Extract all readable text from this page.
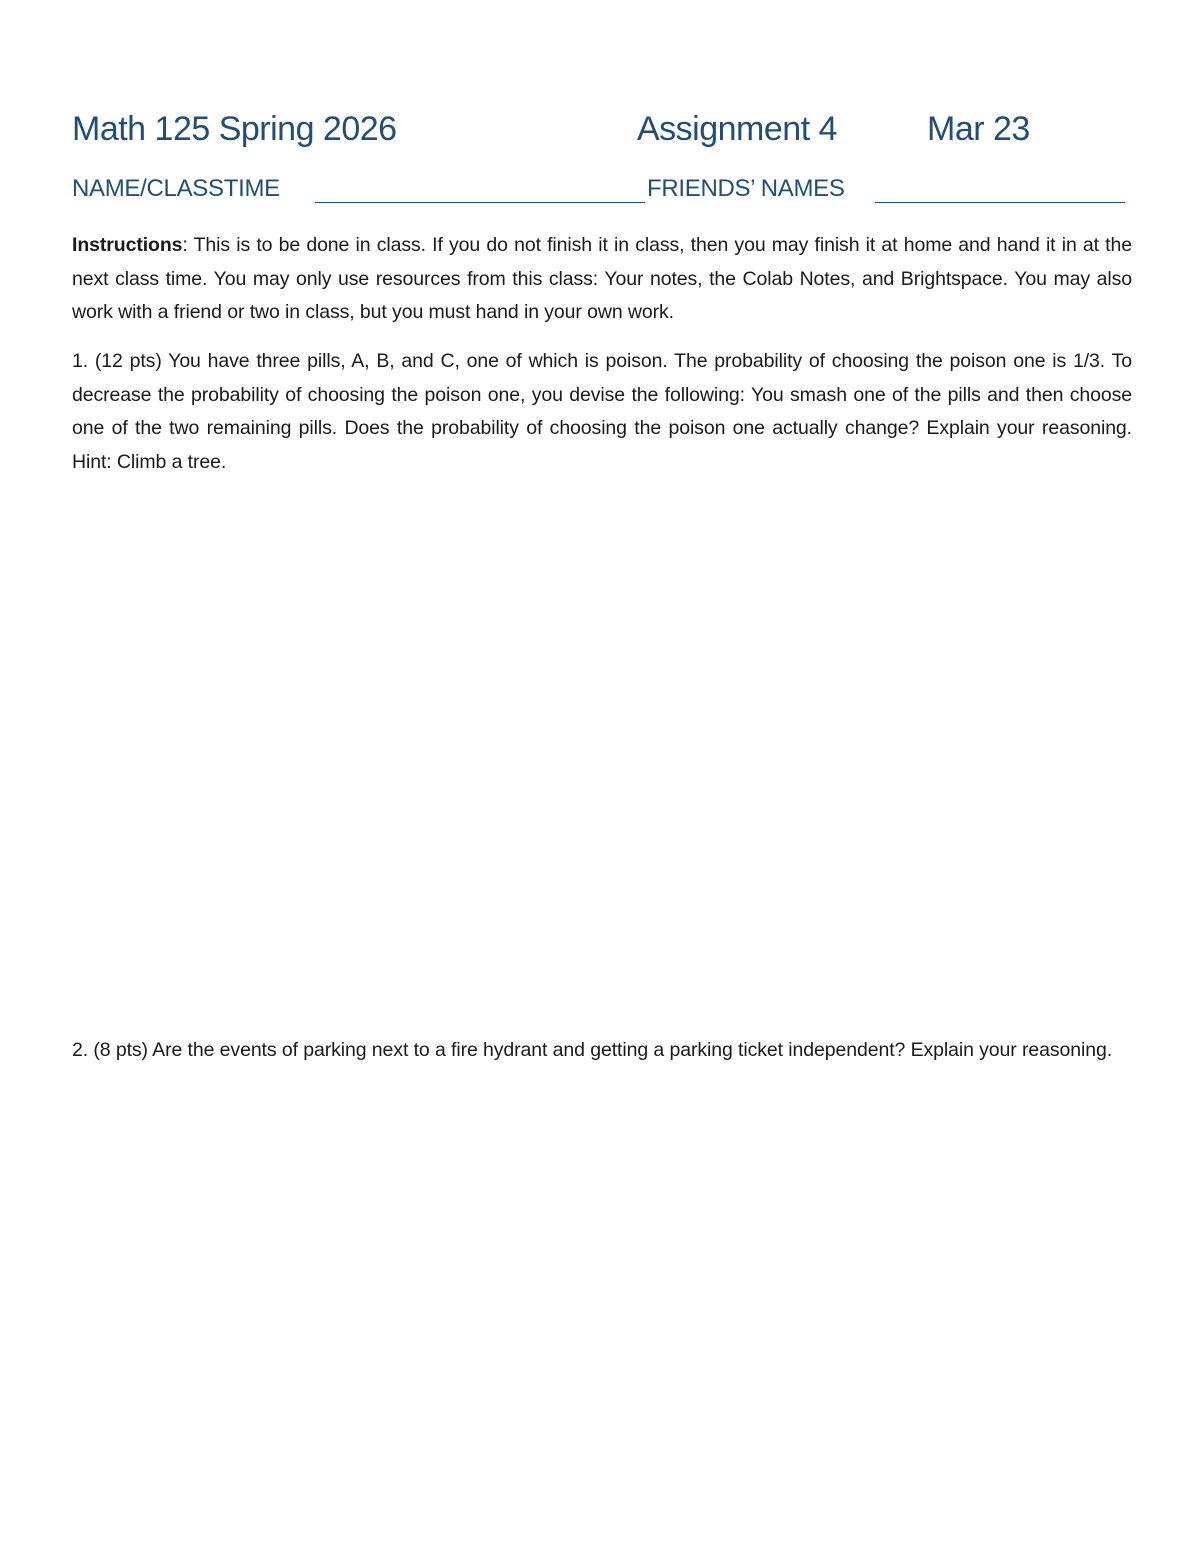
Math 125 Spring 2026	Assignment 4	Mar 23
NAME/CLASSTIME	FRIENDS’ NAMES
Instructions: This is to be done in class. If you do not finish it in class, then you may finish it at home and hand it in at the next class time. You may only use resources from this class: Your notes, the Colab Notes, and Brightspace. You may also work with a friend or two in class, but you must hand in your own work.
1. (12 pts) You have three pills, A, B, and C, one of which is poison. The probability of choosing the poison one is 1/3. To decrease the probability of choosing the poison one, you devise the following: You smash one of the pills and then choose one of the two remaining pills. Does the probability of choosing the poison one actually change? Explain your reasoning. Hint: Climb a tree.
2. (8 pts) Are the events of parking next to a fire hydrant and getting a parking ticket independent? Explain your reasoning.
